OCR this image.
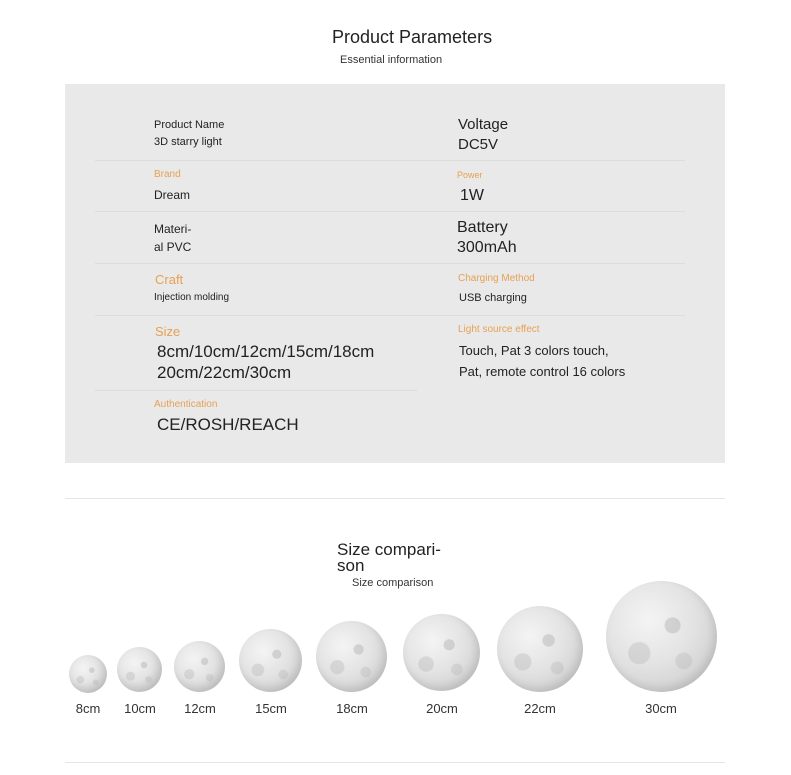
Product Parameters
Essential information
Product Name
3D starry light
Voltage
DC5V
Brand
Dream
Power
1W
Materi-
al PVC
Battery
300mAh
Craft
Injection molding
Charging Method
USB charging
Size
8cm/10cm/12cm/15cm/18cm
20cm/22cm/30cm
Light source effect
Touch, Pat 3 colors touch,
Pat, remote control 16 colors
Authentication
CE/ROSH/REACH
Size compari-
son
Size comparison
8cm	10cm	12cm	15cm	18cm	20cm	22cm	30cm
